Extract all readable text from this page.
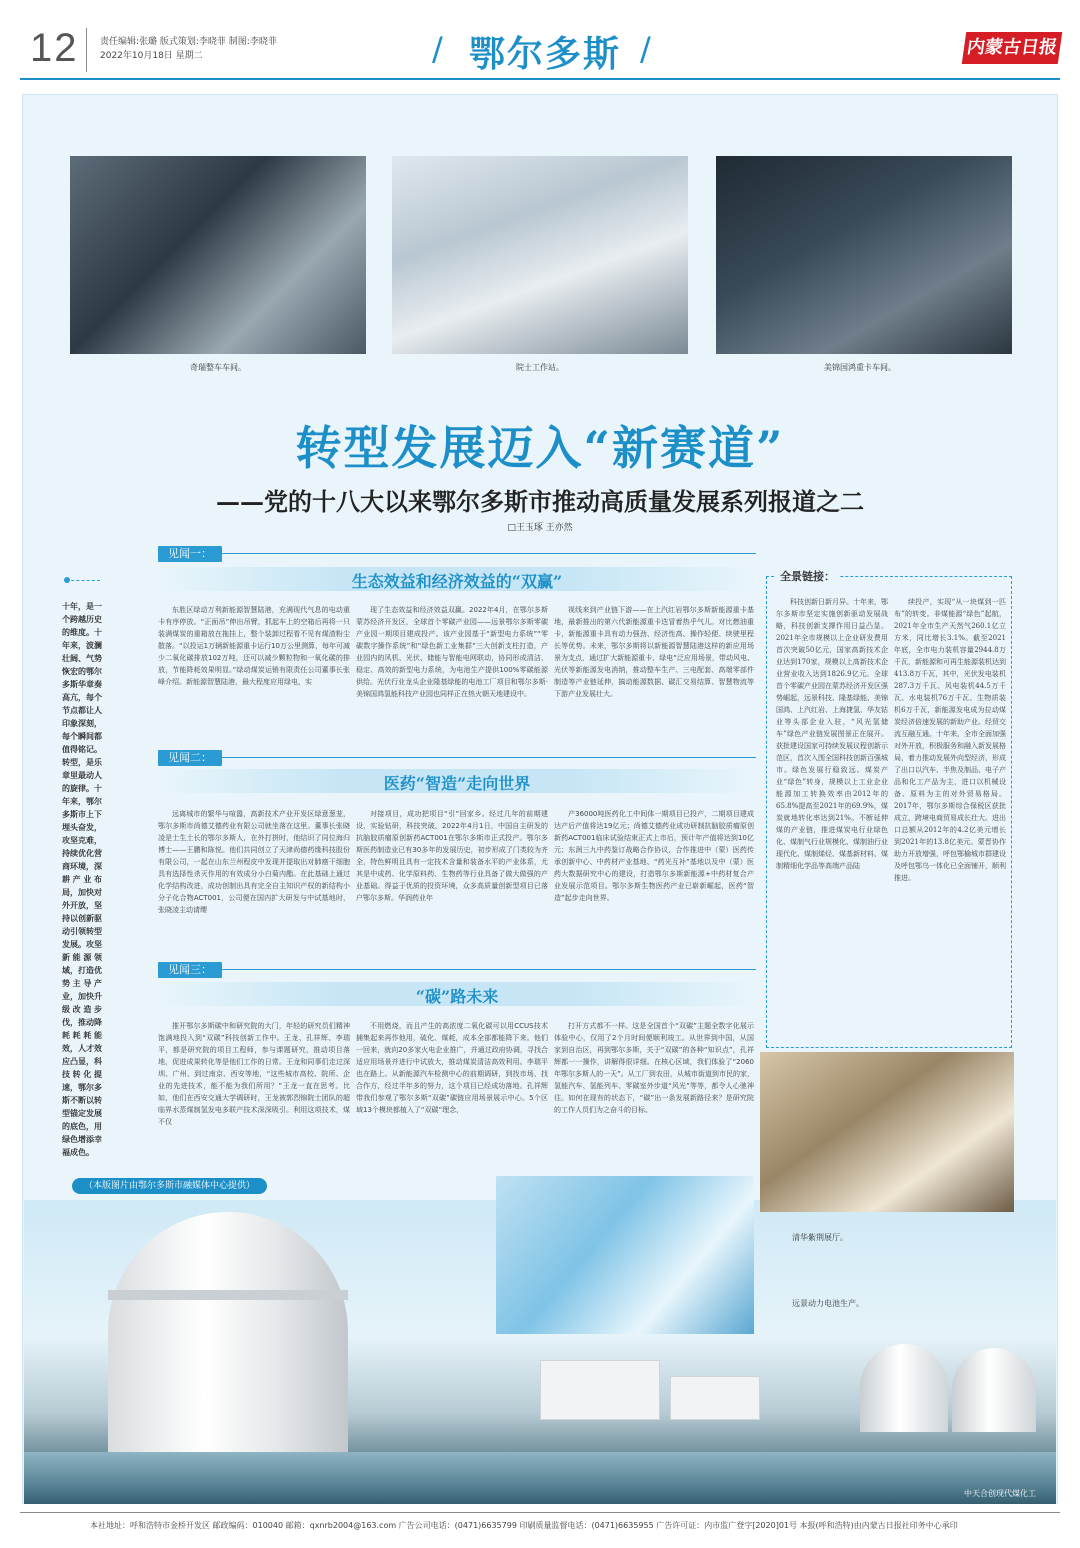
12 责任编辑:张璐 版式策划:李晓菲 制图:李晓菲
2022年10月18日 星期二	/ 鄂尔多斯 /	内蒙古日报
奇瑞整车车间。	院士工作站。	美锦国鸿重卡车间。
转型发展迈入“新赛道”
——党的十八大以来鄂尔多斯市推动高质量发展系列报道之二
□王玉琢 王亦然
十年，是一个跨越历史的维度。十年来，波澜壮阔、气势恢宏的鄂尔多斯华章奏高亢，每个节点都让人印象深刻，每个瞬间都值得铭记。转型，是乐章里最动人的旋律。十年来，鄂尔多斯市上下埋头奋发，攻坚克难，持续优化营商环境，深耕产业布局，加快对外开放，坚持以创新驱动引领转型发展。攻坚新能源领域，打造优势主导产业，加快升级改造步伐，推动降耗耗耗能效，人才效应凸显，科技转化提速，鄂尔多斯不断以转型锚定发展的底色，用绿色增添幸福成色。
见闻一：
生态效益和经济效益的“双赢”

东胜区绿动万利新能源智慧陆港，充满现代气息的电动重卡有序停放。“正面吊”伸出吊臂，抓起车上的空箱后再将一只装满煤炭的重箱放在拖挂上，整个装卸过程看不见有煤渣粉尘散落。“以投运1万辆新能源重卡运行10万公里测算，每年可减少二氧化碳排放102万吨，还可以减少颗粒物和一氧化碳的排放，节能降耗效果明显。”绿动煤炭运销有限责任公司董事长张峰介绍。新能源智慧陆港，最大程度应用绿电，实

现了生态效益和经济效益双赢。2022年4月，在鄂尔多斯蒙苏经济开发区，全球首个零碳产业园——远景鄂尔多斯零碳产业园一期项目建成投产。该产业园基于“新型电力系统”“零碳数字操作系统”和“绿色新工业集群”三大创新支柱打造，产业园内的风机、光伏、储能与智能电网联动，协同形成清洁、稳定、高效的新型电力系统，为电池生产提供100%零碳能源供给。光伏行业龙头企业隆基绿能的电池工厂项目和鄂尔多斯·美锦国鸿氢能科技产业园也同样正在热火朝天地建设中。

视线来到产业链下游——在上汽红岩鄂尔多斯新能源重卡基地，最新推出的第六代新能源重卡迭冒着热乎气儿。对比燃油重卡，新能源重卡具有动力强劲、经济性高、操作轻便、续驶里程长等优势。未来，鄂尔多斯将以新能源智慧陆港这样的新应用场景为支点，通过扩大新能源重卡、绿电“泛应用场景，带动风电、光伏等新能源发电消纳，推动整车生产、三电配套、高端零部件制造等产业链延伸，搞动能源数据、碳汇交易结算、智慧物流等下游产业发展壮大。

见闻二：
医药“智造”走向世界

远离城市的繁华与喧嚣，高新技术产业开发区绿意葱茏，鄂尔多斯市尚德艾德药业有限公司就坐落在这里。董事长张晓凌是土生土长的鄂尔多斯人，在外打拼时，他结识了同位海归博士——王鹏和陈悦。他们共同创立了天津尚德药缘科技股份有限公司，一起在山东兰州程皮中发现并提取出对肺癌干细胞具有选择性杀灭作用的有效成分小白菊内酯。在此基础上通过化学结构改进，成功创制出具有完全自主知识产权的新结构小分子化合物ACT001，公司便在国内扩大研发与中试基地时，张晓凌主动请缨

对接项目，成功把项目“引”回家乡。经过几年的前期建设，实验钻研，科技突破，2022年4月1日，中国自主研发的抗脑胶质瘤原创新药ACT001在鄂尔多斯市正式投产。鄂尔多斯医药制造业已有30多年的发展历史，初步形成了门类较为齐全，特色鲜明且具有一定技术含量和装备水平的产业体系，尤其是中成药、化学原料药、生物药等行业具备了做大做强的产业基础。得益于优质的投资环境，众多高质量创新型项目已落户鄂尔多斯。华润药业年

产36000吨医药化工中间体一期项目已投产，二期项目建成达产后产值将达19亿元；尚德艾德药业成功研制抗脑胶质瘤原创新药ACT001临床试验结束正式上市后，预计年产值将达到10亿元；东润三九中药鉴订战略合作协议，合作推进中（蒙）医药传承创新中心、中药材产业基地、“药光互补”基地以及中（蒙）医药大数据研究中心的建设，打造鄂尔多斯新能源+中药材复合产业发展示范项目。鄂尔多斯生物医药产业已崭新崛起，医药“智造”起步走向世界。

见闻三：
“碳”路未来

推开鄂尔多斯碳中和研究院的大门，年轻的研究员们精神饱满地投入到“双碳”科技创新工作中。王龙、孔祥辉、李瑞平，都是研究院的项目工程师，参与课题研究，推动项目落地，促进成果转化等是他们工作的日常。王龙和同事们走过深圳、广州、到过南京、西安等地，“这些城市高校、院所、企业的先进技术，能不能为我们所用？”王龙一直在思考。比如，他们在西安交通大学调研时，王龙被郭烈锦院士团队的超临界水蒸煤制氢发电多联产技术深深吸引。利用这项技术，煤不仅

不用燃烧，而且产生的高浓度二氧化碳可以用CCUS技术捕集起来再作他用，硫化、煤耗，成本全部都能降下来。他们一回来，就向20多家火电企业推广，并通过政府协调，寻找合适应用场景并进行中试放大，推动煤炭清洁高效利用。李瑞平也在路上。从新能源汽车检测中心的前期调研，到找市场、找合作方，经过半年多的努力，这个项目已经成功落地。孔祥辉带我们参观了鄂尔多斯“双碳”碳链应用场景展示中心。5个区域13个模块都植入了“双碳”理念，

打开方式都不一样。这是全国首个“双碳”主题全数字化展示体验中心，仅用了2个月时间便顺利竣工。从世界到中国，从国家到自治区，再到鄂尔多斯，关于“双碳”的各种“知识点”，孔祥辉都一一操作，讲解得很详细。在核心区域，我们体验了“2060年鄂尔多斯人的一天”。从工厂到农田，从城市街道到市民的家，氢能汽车、氢能列车、零碳室外步道“风光”等等，都令人心驰神往。如何在现有的状态下，“碳”出一条发展新路径来？是研究院的工作人员们为之奋斗的目标。

全景链接：

科技创新日新月异。十年来，鄂尔多斯市坚定实施创新驱动发展战略，科技创新支撑作用日益凸显。2021年全市规模以上企业研发费用首次突破50亿元，国家高新技术企业达到170家，规模以上高新技术企业营业收入达到1826.9亿元。全球首个零碳产业园在蒙苏经济开发区强势崛起，远景科技、隆基绿能、美锦国鸿、上汽红岩、上海捷氢、华友钴业等头部企业入驻，“风光氢储车”绿色产业链发展图景正在展开。获批建设国家可持续发展议程创新示范区，首次入围全国科技创新百强城市。绿色发展行稳致远。煤炭产业“绿色”转身，规模以上工业企业能源加工转换效率由2012年的65.8%提高至2021年的69.9%，煤炭就地转化率达到21%。不断延伸煤的产业链，推进煤炭电行业绿色化、煤制气行业规模化、煤制油行业现代化、煤制烯烃、煤基新材料、煤制精细化学品等高端产品陆

续投产，实现“从一块煤到一匹布”的转变。非煤能源“绿色”起航，2021年全市生产天然气260.1亿立方米，同比增长3.1%。截至2021年底，全市电力装机容量2944.8万千瓦，新能源和可再生能源装机达到413.8万千瓦，其中，光伏发电装机287.3万千瓦、风电装机44.5万千瓦、水电装机76万千瓦、生物质装机6万千瓦，新能源发电成为拉动煤炭经济倍速发展的新助产业。经贸交流互融互通。十年来，全市全面加强对外开放，积极服务和融入新发展格局，着力推动发展外向型经济，形成了出口以汽车、半焦及制品、电子产品和化工产品为主，进口以机械设备、原料为主的对外贸易格局。2017年，鄂尔多斯综合保税区获批成立，跨境电商贸易成长壮大。进出口总额从2012年的4.2亿美元增长到2021年的13.8亿美元。蒙晋协作助力开放增强，呼包鄂榆城市群建设及呼包鄂乌一体化已全面铺开，顺利推进。

中天合创现代煤化工
清华紫荆展厅。
远景动力电池生产。
（本版图片由鄂尔多斯市融媒体中心提供）
本社地址：呼和浩特市金桥开发区 邮政编码：010040 邮箱：qxnrb2004@163.com 广告公司电话：(0471)6635799 印刷质量监督电话：(0471)6635955 广告许可证：内市监广登字[2020]01号 本报(呼和浩特)由内蒙古日报社印务中心承印
